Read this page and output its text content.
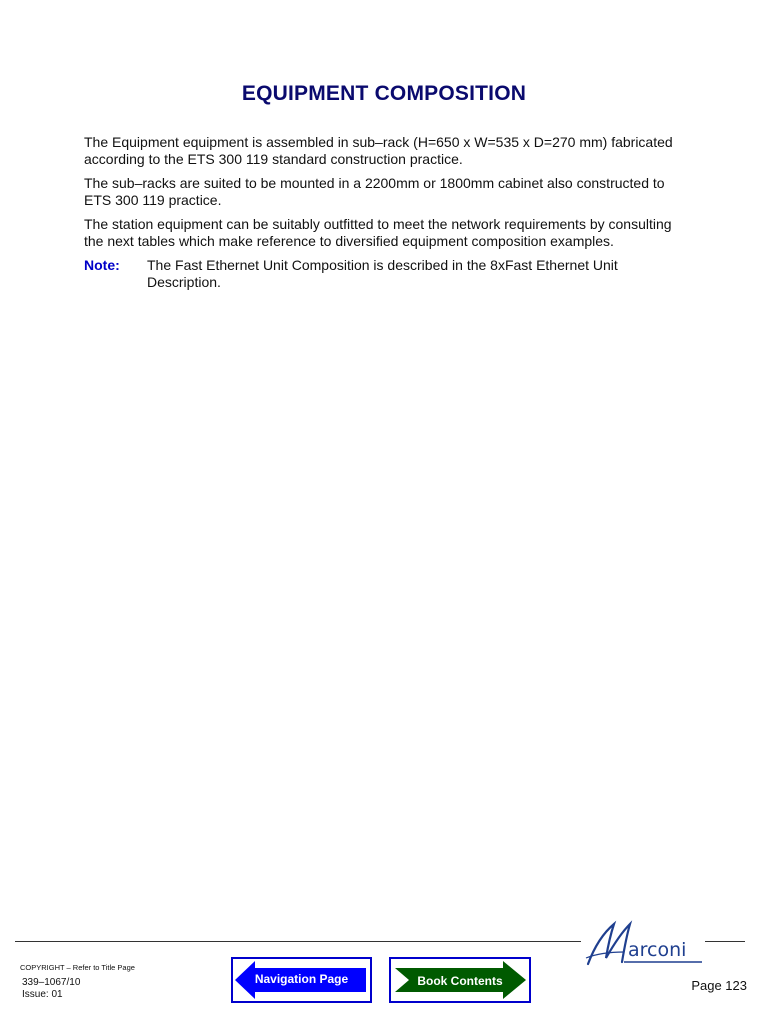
EQUIPMENT COMPOSITION
The Equipment equipment is assembled in sub–rack (H=650 x W=535 x D=270 mm) fabricated according to the ETS 300 119 standard construction practice.
The sub–racks are suited to be mounted in a 2200mm or 1800mm cabinet also constructed to ETS 300 119 practice.
The station equipment can be suitably outfitted to meet the network requirements by consulting the next tables which make reference to diversified equipment composition examples.
Note: The Fast Ethernet Unit Composition is described in the 8xFast Ethernet Unit Description.
arconi
COPYRIGHT – Refer to Title Page
339–1067/10
Issue: 01
Navigation Page	Book Contents	Page 123
